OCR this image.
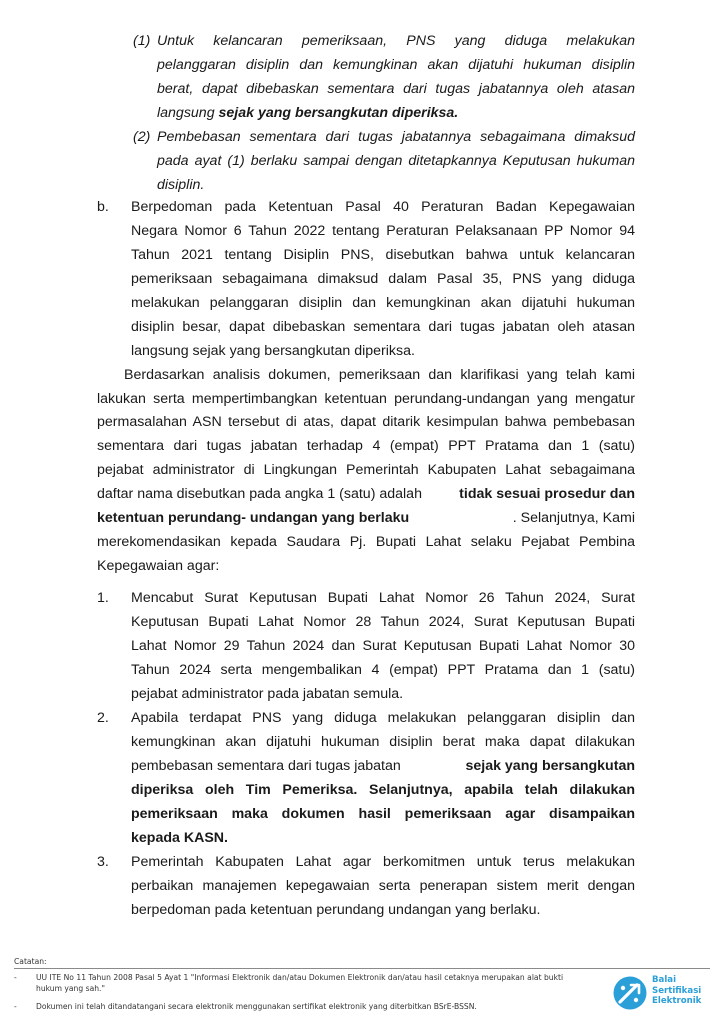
(1) Untuk kelancaran pemeriksaan, PNS yang diduga melakukan
pelanggaran disiplin dan kemungkinan akan dijatuhi hukuman disiplin
berat, dapat dibebaskan sementara dari tugas jabatannya oleh atasan
langsung sejak yang bersangkutan diperiksa.
(2) Pembebasan sementara dari tugas jabatannya sebagaimana dimaksud
pada ayat (1) berlaku sampai dengan ditetapkannya Keputusan hukuman
disiplin.
b. Berpedoman pada Ketentuan Pasal 40 Peraturan Badan Kepegawaian
Negara Nomor 6 Tahun 2022 tentang Peraturan Pelaksanaan PP Nomor 94
Tahun 2021 tentang Disiplin PNS, disebutkan bahwa untuk kelancaran
pemeriksaan sebagaimana dimaksud dalam Pasal 35, PNS yang diduga
melakukan pelanggaran disiplin dan kemungkinan akan dijatuhi hukuman
disiplin besar, dapat dibebaskan sementara dari tugas jabatan oleh atasan
langsung sejak yang bersangkutan diperiksa.
Berdasarkan analisis dokumen, pemeriksaan dan klarifikasi yang telah kami
lakukan serta mempertimbangkan ketentuan perundang-undangan yang mengatur
permasalahan ASN tersebut di atas, dapat ditarik kesimpulan bahwa pembebasan
sementara dari tugas jabatan terhadap 4 (empat) PPT Pratama dan 1 (satu)
pejabat administrator di Lingkungan Pemerintah Kabupaten Lahat sebagaimana
daftar nama disebutkan pada angka 1 (satu) adalah	tidak sesuai prosedur dan
ketentuan perundang- undangan yang berlaku	. Selanjutnya, Kami
merekomendasikan kepada Saudara Pj. Bupati Lahat selaku Pejabat Pembina
Kepegawaian agar:
1. Mencabut Surat Keputusan Bupati Lahat Nomor 26 Tahun 2024, Surat
Keputusan Bupati Lahat Nomor 28 Tahun 2024, Surat Keputusan Bupati
Lahat Nomor 29 Tahun 2024 dan Surat Keputusan Bupati Lahat Nomor 30
Tahun 2024 serta mengembalikan 4 (empat) PPT Pratama dan 1 (satu)
pejabat administrator pada jabatan semula.
2. Apabila terdapat PNS yang diduga melakukan pelanggaran disiplin dan
kemungkinan akan dijatuhi hukuman disiplin berat maka dapat dilakukan
pembebasan sementara dari tugas jabatan	sejak yang bersangkutan
diperiksa oleh Tim Pemeriksa. Selanjutnya, apabila telah dilakukan
pemeriksaan maka dokumen hasil pemeriksaan agar disampaikan
kepada KASN.
3. Pemerintah Kabupaten Lahat agar berkomitmen untuk terus melakukan
perbaikan manajemen kepegawaian serta penerapan sistem merit dengan
berpedoman pada ketentuan perundang undangan yang berlaku.
Catatan:
-	UU ITE No 11 Tahun 2008 Pasal 5 Ayat 1 "Informasi Elektronik dan/atau Dokumen Elektronik dan/atau hasil cetaknya merupakan alat bukti
hukum yang sah."
-	Dokumen ini telah ditandatangani secara elektronik menggunakan sertifikat elektronik yang diterbitkan BSrE-BSSN.
Balai
Sertifikasi
Elektronik
